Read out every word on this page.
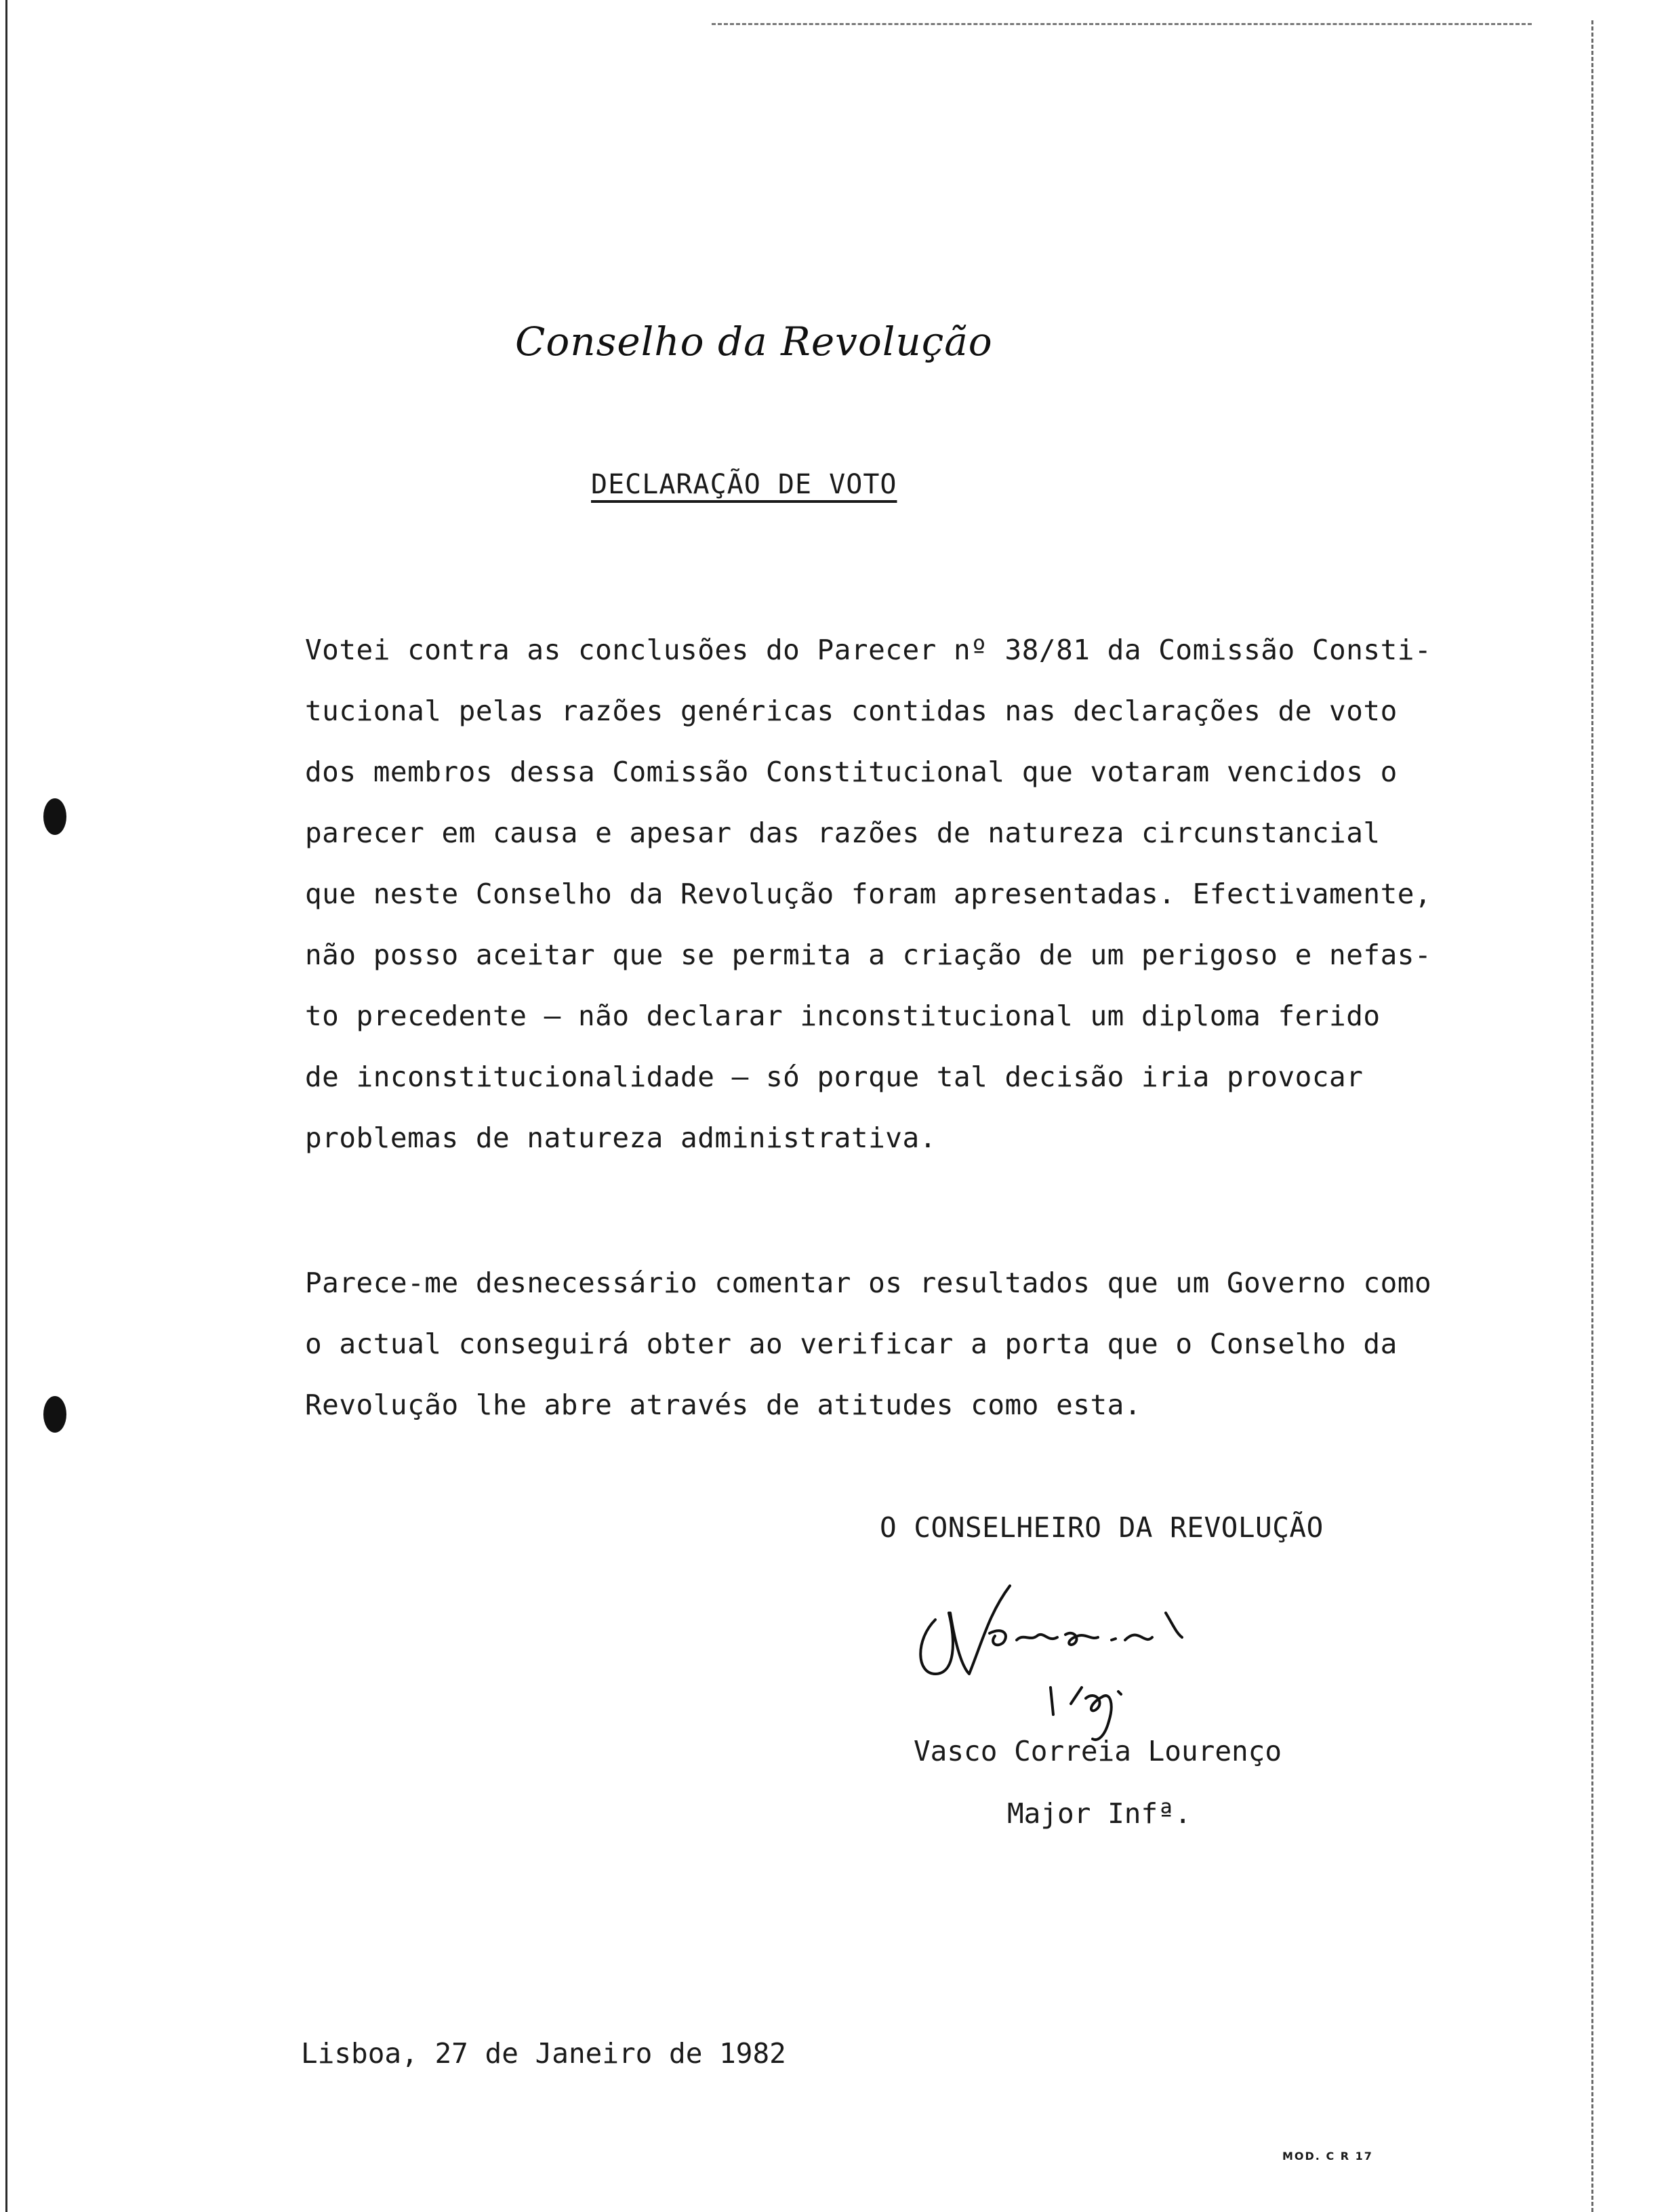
Conselho da Revolução
DECLARAÇÃO DE VOTO
Votei contra as conclusões do Parecer nº 38/81 da Comissão Consti-
tucional pelas razões genéricas contidas nas declarações de voto
dos membros dessa Comissão Constitucional que votaram vencidos o
parecer em causa e apesar das razões de natureza circunstancial
que neste Conselho da Revolução foram apresentadas. Efectivamente,
não posso aceitar que se permita a criação de um perigoso e nefas-
to precedente — não declarar inconstitucional um diploma ferido
de inconstitucionalidade — só porque tal decisão iria provocar
problemas de natureza administrativa.
Parece-me desnecessário comentar os resultados que um Governo como
o actual conseguirá obter ao verificar a porta que o Conselho da
Revolução lhe abre através de atitudes como esta.
O CONSELHEIRO DA REVOLUÇÃO
Vasco Correia Lourenço
Major Infª.
Lisboa, 27 de Janeiro de 1982
MOD. C R 17
